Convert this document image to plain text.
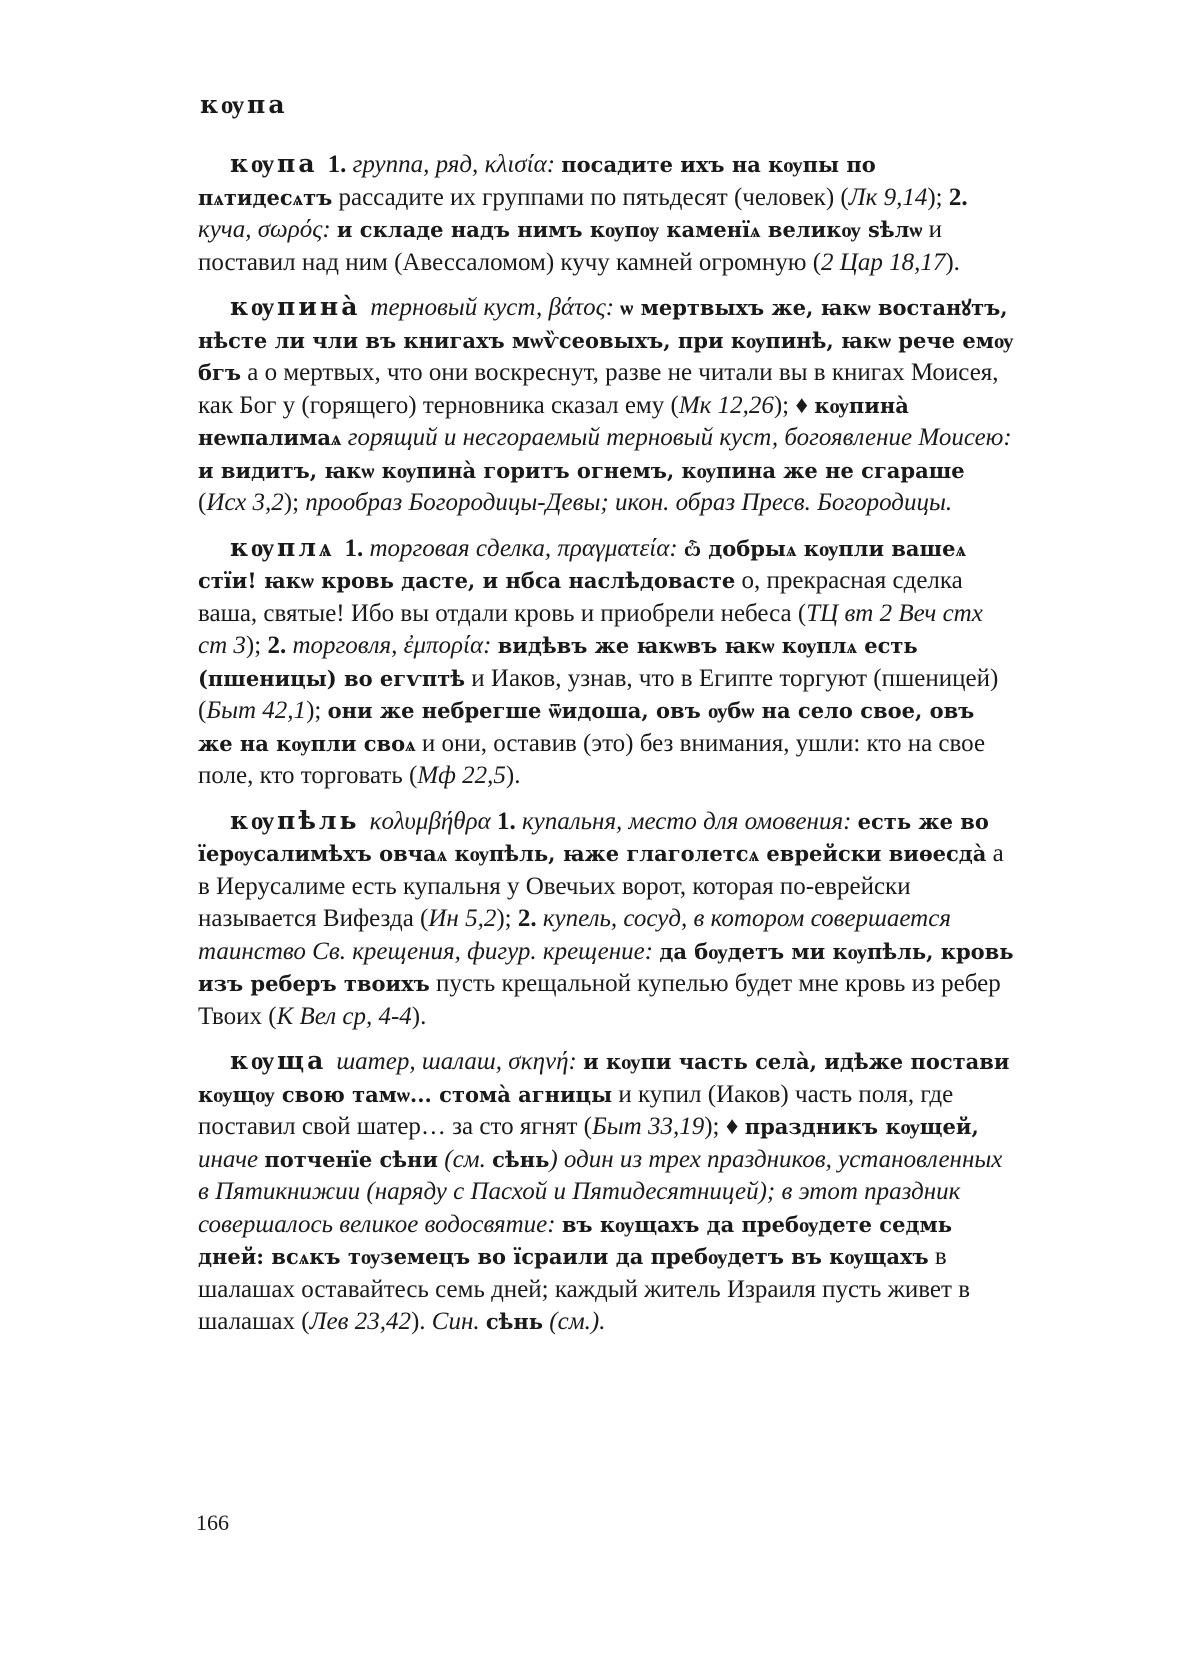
кѹпа

кѹпа 1. группа, ряд, κλισία: посадите ихъ на кѹпы по пѧтидесѧтъ рассадите их группами по пятьдесят (человек) (Лк 9,14); 2. куча, σωρός: и складе надъ нимъ кѹпѹ каменїѧ великѹ ѕѣлѡ и поставил над ним (Авессаломом) кучу камней огромную (2 Цар 18,17).

кѹпина̀ терновый куст, βάτος: ѡ мертвыхъ же, ꙗкѡ востанꙋтъ, нѣсте ли чли въ книгахъ мѡѷсеовыхъ, при кѹпинѣ, ꙗкѡ рече емѹ бгъ а о мертвых, что они воскреснут, разве не читали вы в книгах Моисея, как Бог у (горящего) терновника сказал ему (Мк 12,26); ♦ кѹпина̀ неѡпалимаѧ горящий и несгораемый терновый куст, богоявление Моисею: и видитъ, ꙗкѡ кѹпина̀ горитъ огнемъ, кѹпина же не сгараше (Исх 3,2); прообраз Богородицы-Девы; икон. образ Пресв. Богородицы.

кѹплѧ 1. торговая сделка, πραγματεία: ѽ добрыѧ кѹпли вашеѧ стїи! ꙗкѡ кровь дасте, и нбса наслѣдовасте о, прекрасная сделка ваша, святые! Ибо вы отдали кровь и приобрели небеса (ТЦ вт 2 Веч стх ст 3); 2. торговля, ἐμπορία: видѣвъ же ꙗкѡвъ ꙗкѡ кѹплѧ есть (пшеницы) во егѵптѣ и Иаков, узнав, что в Египте торгуют (пшеницей) (Быт 42,1); они же небрегше ѿидоша, овъ ѹбѡ на село свое, овъ же на кѹпли своѧ и они, оставив (это) без внимания, ушли: кто на свое поле, кто торговать (Мф 22,5).

кѹпѣль κολυμβήθρα 1. купальня, место для омовения: есть же во їерѹсалимѣхъ овчаѧ кѹпѣль, ꙗже глаголетсѧ еврейски виѳесда̀ а в Иерусалиме есть купальня у Овечьих ворот, которая по-еврейски называется Вифезда (Ин 5,2); 2. купель, сосуд, в котором совершается таинство Св. крещения, фигур. крещение: да бѹдетъ ми кѹпѣль, кровь изъ реберъ твоихъ пусть крещальной купелью будет мне кровь из ребер Твоих (К Вел ср, 4-4).

кѹща шатер, шалаш, σκηνή: и кѹпи часть села̀, идѣже постави кѹщѹ свою тамѡ... стома̀ агницы и купил (Иаков) часть поля, где поставил свой шатер… за сто ягнят (Быт 33,19); ♦ праздникъ кѹщей, иначе потченїе сѣни (см. сѣнь) один из трех праздников, установленных в Пятикнижии (наряду с Пасхой и Пятидесятницей); в этот праздник совершалось великое водосвятие: въ кѹщахъ да пребѹдете седмь дней: всѧкъ тѹземецъ во їсраили да пребѹдетъ въ кѹщахъ в шалашах оставайтесь семь дней; каждый житель Израиля пусть живет в шалашах (Лев 23,42). Син. сѣнь (см.).

166
